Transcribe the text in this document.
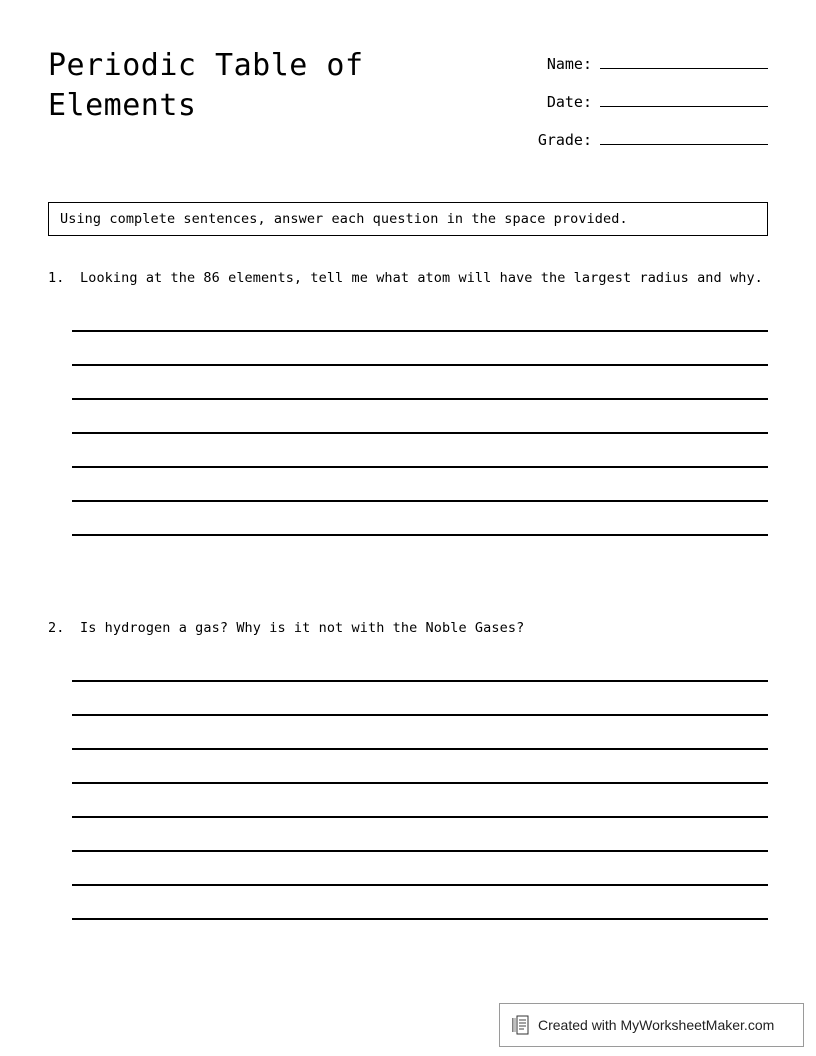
Periodic Table of Elements
Name:
Date:
Grade:
Using complete sentences, answer each question in the space provided.
1.	Looking at the 86 elements, tell me what atom will have the largest radius and why.
2.	Is hydrogen a gas? Why is it not with the Noble Gases?
Created with MyWorksheetMaker.com
